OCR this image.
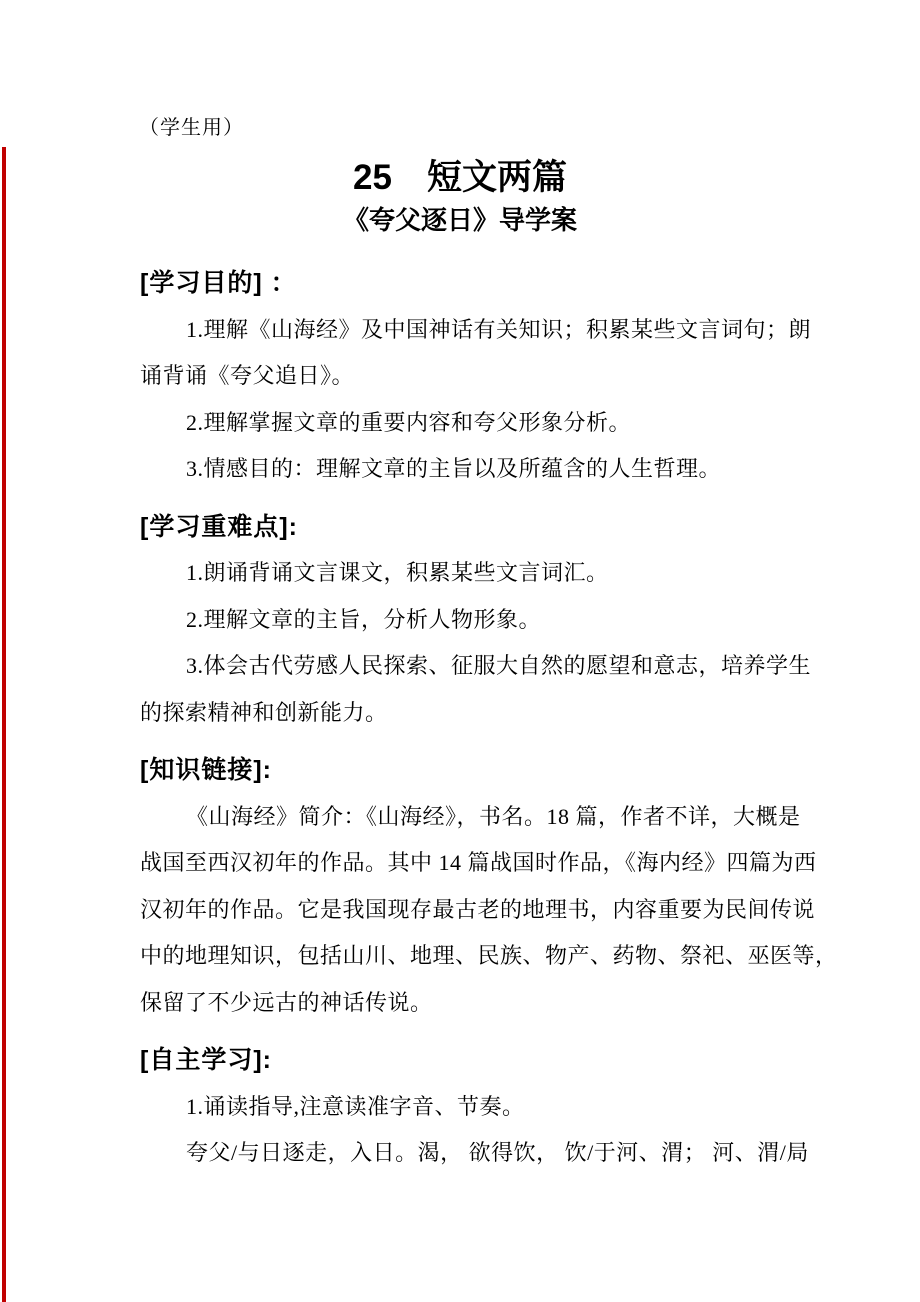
（学生用）
25　短文两篇
《夸父逐日》导学案
[学习目的] ：
1.理解《山海经》及中国神话有关知识；积累某些文言词句；朗
诵背诵《夸父追日》。
2.理解掌握文章的重要内容和夸父形象分析。
3.情感目的：理解文章的主旨以及所蕴含的人生哲理。
[学习重难点]:
1.朗诵背诵文言课文，积累某些文言词汇。
2.理解文章的主旨，分析人物形象。
3.体会古代劳感人民探索、征服大自然的愿望和意志，培养学生
的探索精神和创新能力。
[知识链接]:
《山海经》简介：《山海经》，书名。18 篇，作者不详，大概是
战国至西汉初年的作品。其中 14 篇战国时作品，《海内经》四篇为西
汉初年的作品。它是我国现存最古老的地理书，内容重要为民间传说
中的地理知识，包括山川、地理、民族、物产、药物、祭祀、巫医等，
保留了不少远古的神话传说。
[自主学习]:
1.诵读指导,注意读准字音、节奏。
夸父/与日逐走，入日。渴， 欲得饮， 饮/于河、渭； 河、渭/局
